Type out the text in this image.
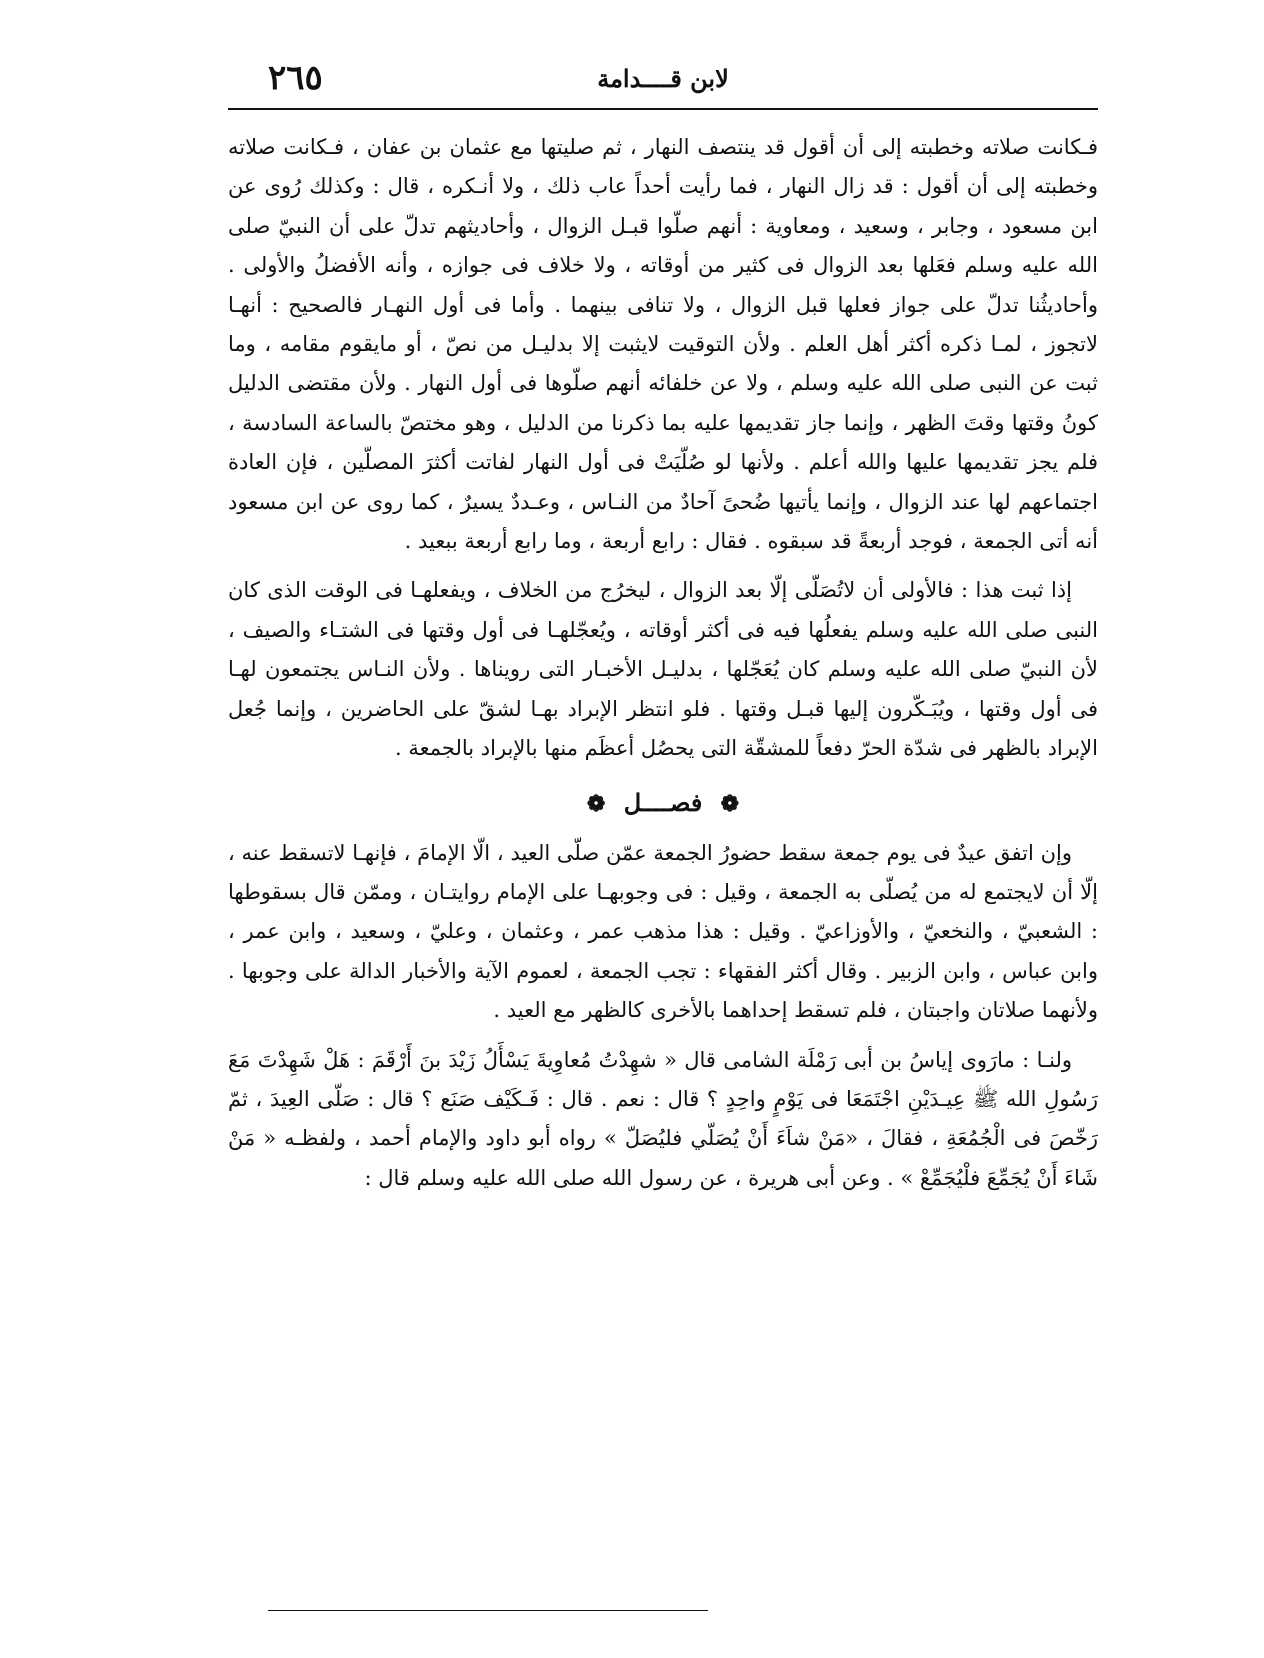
لابن قــــدامة
٢٦٥

فـكانت صلاته وخطبته إلى أن أقول قد ينتصف النهار ، ثم صليتها مع عثمان بن عفان ، فـكانت صلاته وخطبته إلى أن أقول : قد زال النهار ، فما رأيت أحداً عاب ذلك ، ولا أنـكره ، قال : وكذلك رُوى عن ابن مسعود ، وجابر ، وسعيد ، ومعاوية : أنهم صلّوا قبـل الزوال ، وأحاديثهم تدلّ على أن النبيّ صلى الله عليه وسلم فعَلها بعد الزوال فى كثير من أوقاته ، ولا خلاف فى جوازه ، وأنه الأفضلُ والأولى . وأحاديثُنا تدلّ على جواز فعلها قبل الزوال ، ولا تنافى بينهما . وأما فى أول النهـار فالصحيح : أنهـا لاتجوز ، لمـا ذكره أكثر أهل العلم . ولأن التوقيت لايثبت إلا بدليـل من نصّ ، أو مايقوم مقامه ، وما ثبت عن النبى صلى الله عليه وسلم ، ولا عن خلفائه أنهم صلّوها فى أول النهار . ولأن مقتضى الدليل كونُ وقتها وقتَ الظهر ، وإنما جاز تقديمها عليه بما ذكرنا من الدليل ، وهو مختصّ بالساعة السادسة ، فلم يجز تقديمها عليها والله أعلم . ولأنها لو صُلّيَتْ فى أول النهار لفاتت أكثرَ المصلّين ، فإن العادة اجتماعهم لها عند الزوال ، وإنما يأتيها ضُحىً آحادٌ من النـاس ، وعـددٌ يسيرٌ ، كما روى عن ابن مسعود أنه أتى الجمعة ، فوجد أربعةً قد سبقوه . فقال : رابع أربعة ، وما رابع أربعة ببعيد .

إذا ثبت هذا : فالأولى أن لاتُصَلّى إلّا بعد الزوال ، ليخرُج من الخلاف ، ويفعلهـا فى الوقت الذى كان النبى صلى الله عليه وسلم يفعلُها فيه فى أكثر أوقاته ، ويُعجّلهـا فى أول وقتها فى الشتـاء والصيف ، لأن النبيّ صلى الله عليه وسلم كان يُعَجّلها ، بدليـل الأخبـار التى رويناها . ولأن النـاس يجتمعون لهـا فى أول وقتها ، ويُبَـكّرون إليها قبـل وقتها . فلو انتظر الإبراد بهـا لشقّ على الحاضرين ، وإنما جُعل الإبراد بالظهر فى شدّة الحرّ دفعاً للمشقّة التى يحصُل أعظَم منها بالإبراد بالجمعة .

❁ فصــــل ❁

وإن اتفق عيدٌ فى يوم جمعة سقط حضورُ الجمعة عمّن صلّى العيد ، الّا الإمامَ ، فإنهـا لاتسقط عنه ، إلّا أن لايجتمع له من يُصلّى به الجمعة ، وقيل : فى وجوبهـا على الإمام روايتـان ، وممّن قال بسقوطها : الشعبيّ ، والنخعيّ ، والأوزاعيّ . وقيل : هذا مذهب عمر ، وعثمان ، وعليّ ، وسعيد ، وابن عمر ، وابن عباس ، وابن الزبير . وقال أكثر الفقهاء : تجب الجمعة ، لعموم الآية والأخبار الدالة على وجوبها . ولأنهما صلاتان واجبتان ، فلم تسقط إحداهما بالأخرى كالظهر مع العيد .

ولنـا : مارَوى إياسُ بن أبى رَمْلَة الشامى قال « شهِدْتُ مُعاوِيةَ يَسْأَلُ زَيْدَ بنَ أَرْقَمَ : هَلْ شَهِدْتَ مَعَ رَسُولِ الله ﷺ عِيـدَيْنِ اجْتَمَعَا فى يَوْمٍ واحِدٍ ؟ قال : نعم . قال : فَـكَيْف صَنَع ؟ قال : صَلّى العِيدَ ، ثمّ رَخّصَ فى الْجُمُعَةِ ، فقالَ ، «مَنْ شاَءَ أَنْ يُصَلّي فليُصَلّ » رواه أبو داود والإمام أحمد ، ولفظـه « مَنْ شَاءَ أَنْ يُجَمِّعَ فلْيُجَمِّعْ » . وعن أبى هريرة ، عن رسول الله صلى الله عليه وسلم قال :
